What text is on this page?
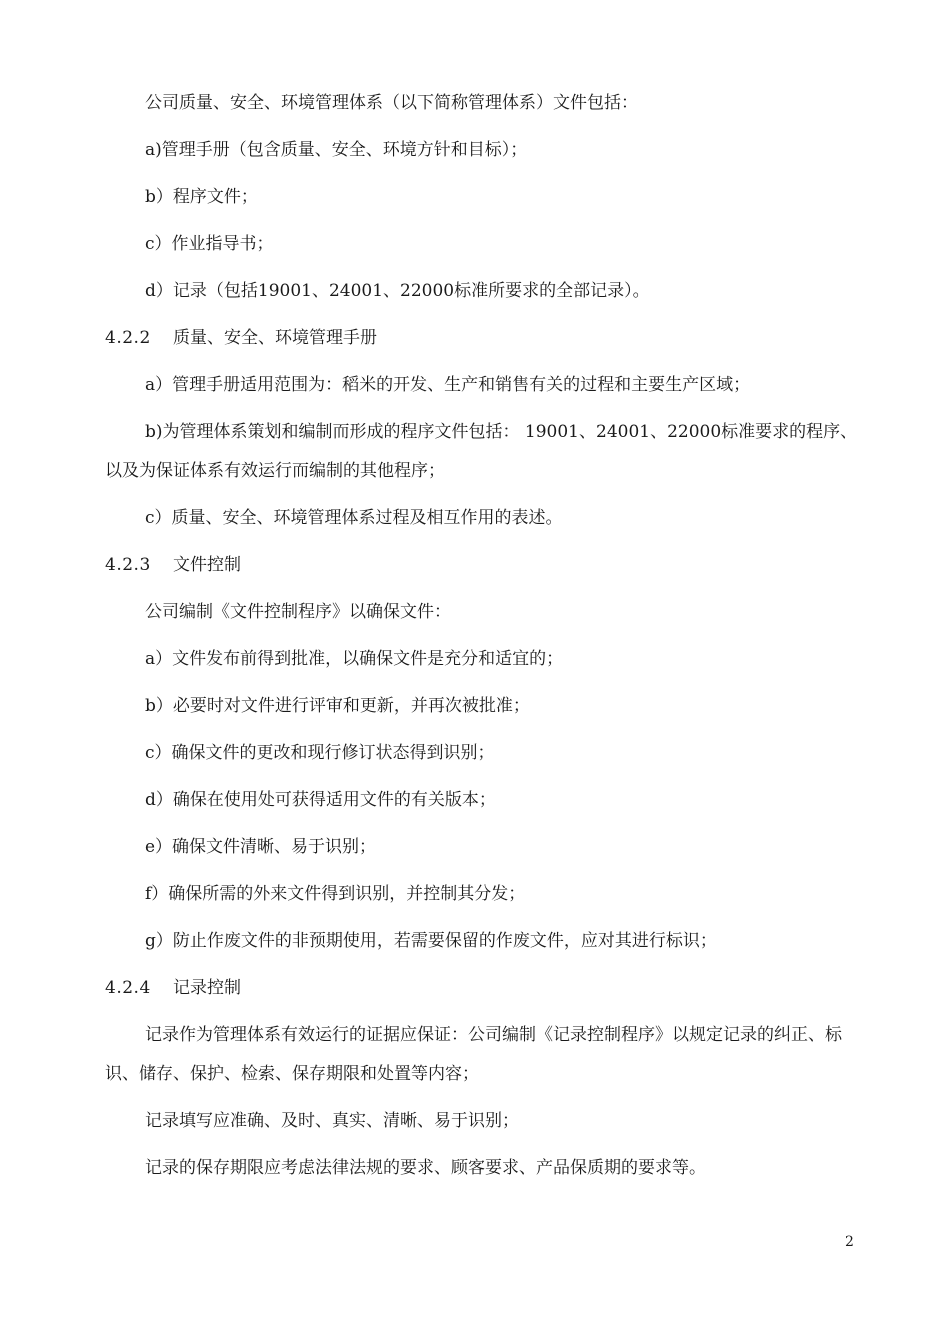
公司质量、安全、环境管理体系（以下简称管理体系）文件包括：

a)管理手册（包含质量、安全、环境方针和目标）；

b）程序文件；

c）作业指导书；

d）记录（包括19001、24001、22000标准所要求的全部记录）。

4.2.2 质量、安全、环境管理手册

a）管理手册适用范围为：稻米的开发、生产和销售有关的过程和主要生产区域；

b)为管理体系策划和编制而形成的程序文件包括： 19001、24001、22000标准要求的程序、以及为保证体系有效运行而编制的其他程序；

c）质量、安全、环境管理体系过程及相互作用的表述。

4.2.3 文件控制

公司编制《文件控制程序》以确保文件：

a）文件发布前得到批准，以确保文件是充分和适宜的；

b）必要时对文件进行评审和更新，并再次被批准；

c）确保文件的更改和现行修订状态得到识别；

d）确保在使用处可获得适用文件的有关版本；

e）确保文件清晰、易于识别；

f）确保所需的外来文件得到识别，并控制其分发；

g）防止作废文件的非预期使用，若需要保留的作废文件，应对其进行标识；

4.2.4 记录控制

记录作为管理体系有效运行的证据应保证：公司编制《记录控制程序》以规定记录的纠正、标识、储存、保护、检索、保存期限和处置等内容；

记录填写应准确、及时、真实、清晰、易于识别；

记录的保存期限应考虑法律法规的要求、顾客要求、产品保质期的要求等。

2
